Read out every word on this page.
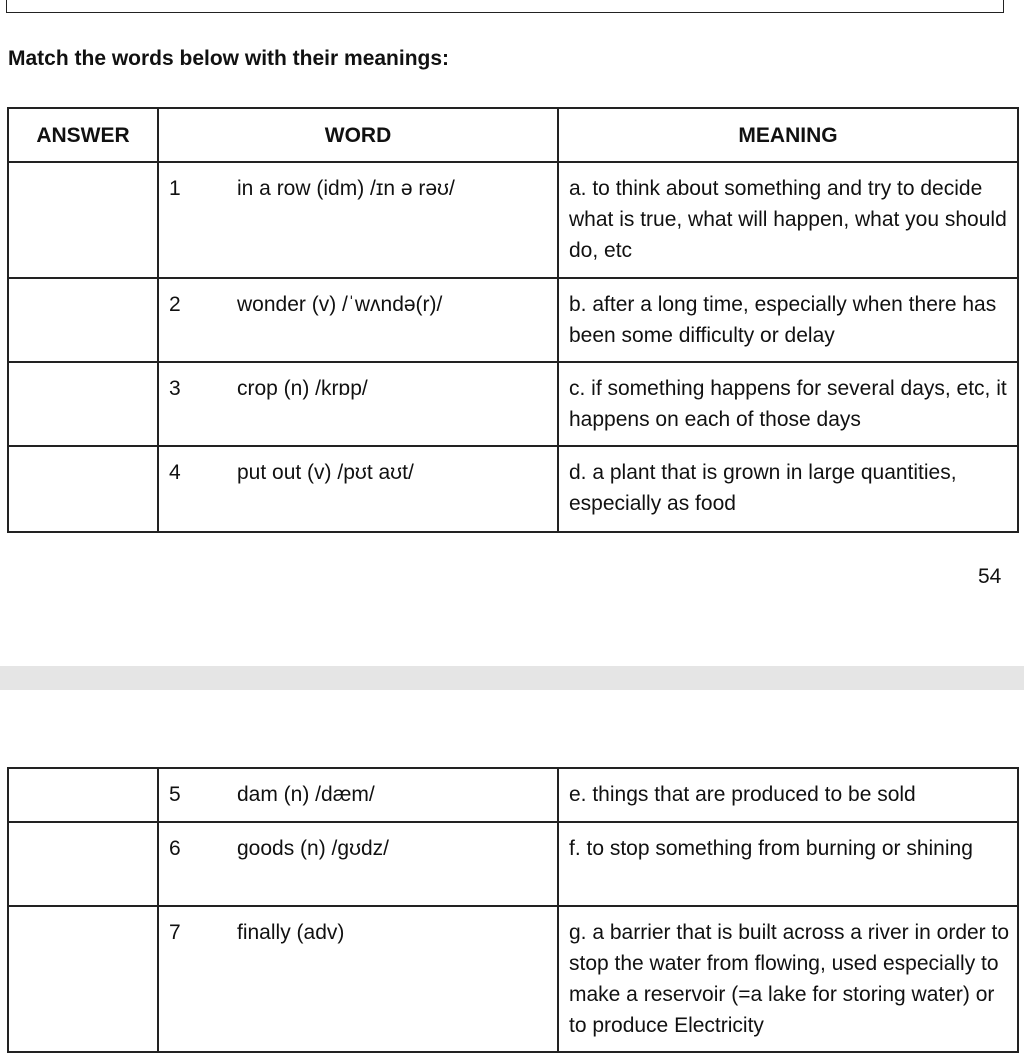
Match the words below with their meanings:
ANSWER	WORD	MEANING
	1 in a row (idm) /ɪn ə rəʊ/	a. to think about something and try to decide what is true, what will happen, what you should do, etc
	2 wonder (v) /ˈwʌndə(r)/	b. after a long time, especially when there has been some difficulty or delay
	3 crop (n) /krɒp/	c. if something happens for several days, etc, it happens on each of those days
	4 put out (v) /pʊt aʊt/	d. a plant that is grown in large quantities, especially as food
54
	5 dam (n) /dæm/	e. things that are produced to be sold
	6 goods (n) /gʊdz/	f. to stop something from burning or shining
	7 finally (adv)	g. a barrier that is built across a river in order to stop the water from flowing, used especially to make a reservoir (=a lake for storing water) or to produce Electricity
